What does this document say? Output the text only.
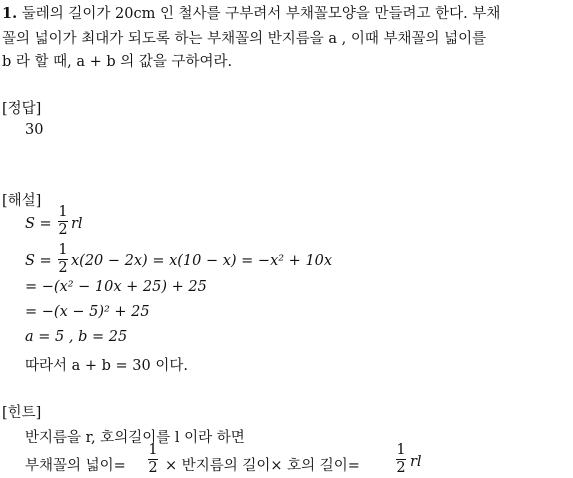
1. 둘레의 길이가 20cm 인 철사를 구부려서 부채꼴모양을 만들려고 한다. 부채
꼴의 넓이가 최대가 되도록 하는 부채꼴의 반지름을 a , 이때 부채꼴의 넓이를
b 라 할 때, a + b 의 값을 구하여라.
[정답]
30
[해설]
S =
1
2 rl
S =
1
2 x(20 − 2x) = x(10 − x) = −x² + 10x
= −(x² − 10x + 25) + 25
= −(x − 5)² + 25
a = 5 , b = 25
따라서 a + b = 30 이다.
[힌트]
반지름을 r, 호의길이를 l 이라 하면
부채꼴의 넓이=
1
2 × 반지름의 길이× 호의 길이=
1
2 rl
